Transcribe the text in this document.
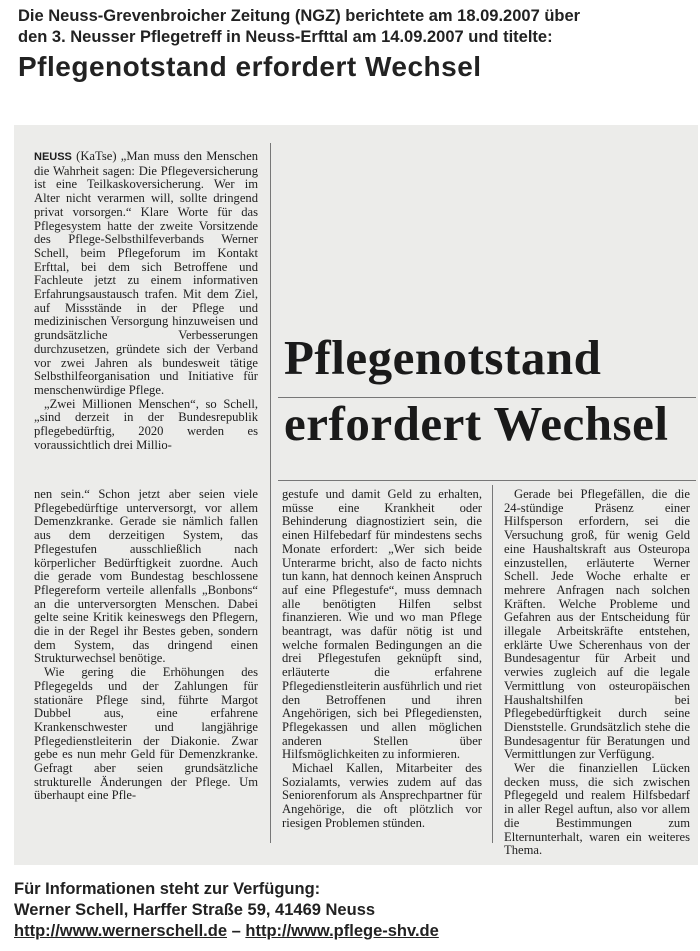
Die Neuss-Grevenbroicher Zeitung (NGZ) berichtete am 18.09.2007 über
den 3. Neusser Pflegetreff in Neuss-Erfttal am 14.09.2007 und titelte:
Pflegenotstand erfordert Wechsel

NEUSS (KaTse) „Man muss den Menschen die Wahrheit sagen: Die Pflegeversicherung ist eine Teilkaskoversicherung. Wer im Alter nicht verarmen will, sollte dringend privat vorsorgen.“ Klare Worte für das Pflegesystem hatte der zweite Vorsitzende des Pflege-Selbsthilfeverbands Werner Schell, beim Pflegeforum im Kontakt Erfttal, bei dem sich Betroffene und Fachleute jetzt zu einem informativen Erfahrungsaustausch trafen. Mit dem Ziel, auf Missstände in der Pflege und medizinischen Versorgung hinzuweisen und grundsätzliche Verbesserungen durchzusetzen, gründete sich der Verband vor zwei Jahren als bundesweit tätige Selbsthilfeorganisation und Initiative für menschenwürdige Pflege.

„Zwei Millionen Menschen“, so Schell, „sind derzeit in der Bundesrepublik pflegebedürftig, 2020 werden es voraussichtlich drei Millio-

Pflegenotstand
erfordert Wechsel

nen sein.“ Schon jetzt aber seien viele Pflegebedürftige unterversorgt, vor allem Demenzkranke. Gerade sie nämlich fallen aus dem derzeitigen System, das Pflegestufen ausschließlich nach körperlicher Bedürftigkeit zuordne. Auch die gerade vom Bundestag beschlossene Pflegereform verteile allenfalls „Bonbons“ an die unterversorgten Menschen. Dabei gelte seine Kritik keineswegs den Pflegern, die in der Regel ihr Bestes geben, sondern dem System, das dringend einen Strukturwechsel benötige.

Wie gering die Erhöhungen des Pflegegelds und der Zahlungen für stationäre Pflege sind, führte Margot Dubbel aus, eine erfahrene Krankenschwester und langjährige Pflegedienstleiterin der Diakonie. Zwar gebe es nun mehr Geld für Demenzkranke. Gefragt aber seien grundsätzliche strukturelle Änderungen der Pflege. Um überhaupt eine Pfle-

gestufe und damit Geld zu erhalten, müsse eine Krankheit oder Behinderung diagnostiziert sein, die einen Hilfebedarf für mindestens sechs Monate erfordert: „Wer sich beide Unterarme bricht, also de facto nichts tun kann, hat dennoch keinen Anspruch auf eine Pflegestufe“, muss demnach alle benötigten Hilfen selbst finanzieren. Wie und wo man Pflege beantragt, was dafür nötig ist und welche formalen Bedingungen an die drei Pflegestufen geknüpft sind, erläuterte die erfahrene Pflegedienstleiterin ausführlich und riet den Betroffenen und ihren Angehörigen, sich bei Pflegediensten, Pflegekassen und allen möglichen anderen Stellen über Hilfsmöglichkeiten zu informieren.

Michael Kallen, Mitarbeiter des Sozialamts, verwies zudem auf das Seniorenforum als Ansprechpartner für Angehörige, die oft plötzlich vor riesigen Problemen stünden.

Gerade bei Pflegefällen, die die 24-stündige Präsenz einer Hilfsperson erfordern, sei die Versuchung groß, für wenig Geld eine Haushaltskraft aus Osteuropa einzustellen, erläuterte Werner Schell. Jede Woche erhalte er mehrere Anfragen nach solchen Kräften. Welche Probleme und Gefahren aus der Entscheidung für illegale Arbeitskräfte entstehen, erklärte Uwe Scherenhaus von der Bundesagentur für Arbeit und verwies zugleich auf die legale Vermittlung von osteuropäischen Haushaltshilfen bei Pflegebedürftigkeit durch seine Dienststelle. Grundsätzlich stehe die Bundesagentur für Beratungen und Vermittlungen zur Verfügung.

Wer die finanziellen Lücken decken muss, die sich zwischen Pflegegeld und realem Hilfsbedarf in aller Regel auftun, also vor allem die Bestimmungen zum Elternunterhalt, waren ein weiteres Thema.

Für Informationen steht zur Verfügung:
Werner Schell, Harffer Straße 59, 41469 Neuss
http://www.wernerschell.de – http://www.pflege-shv.de
